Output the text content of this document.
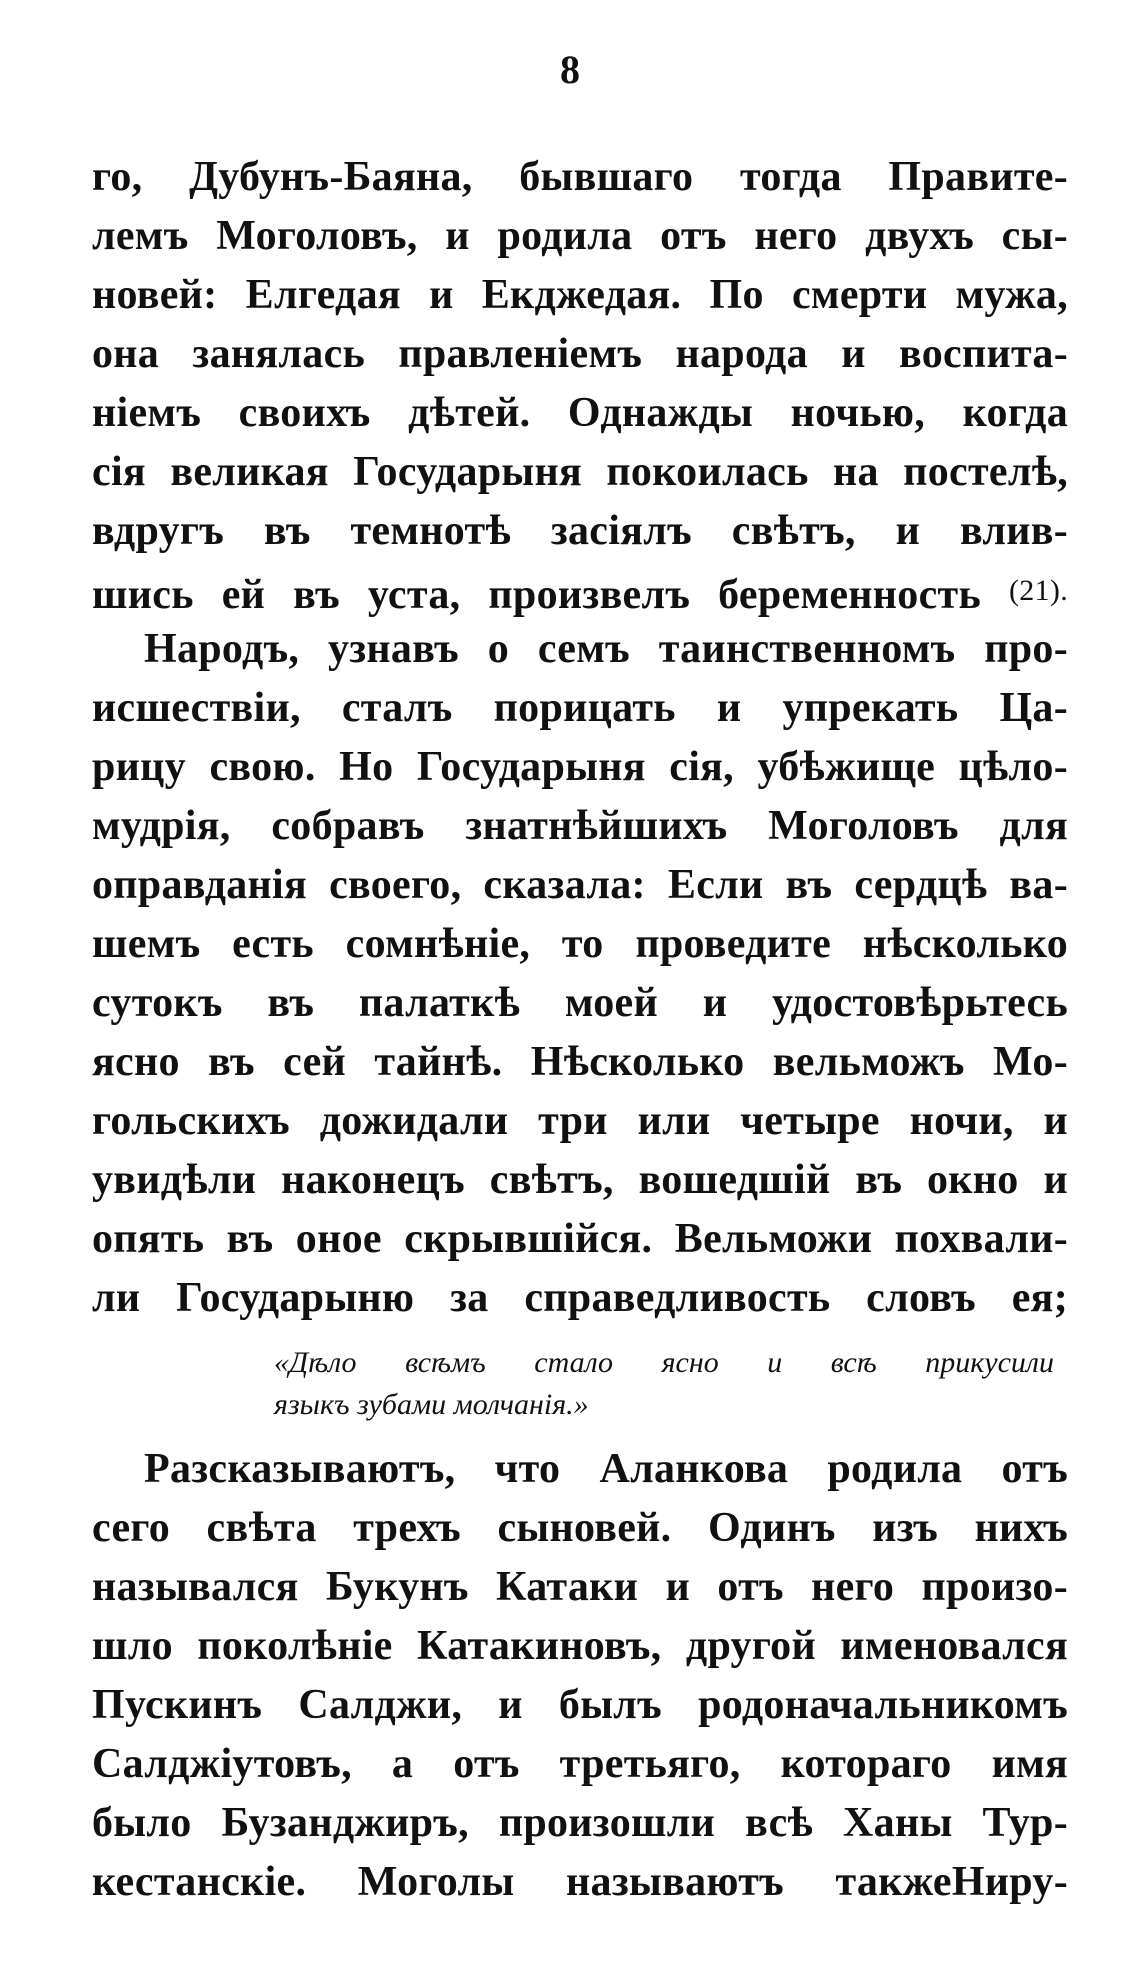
8
го, Дубунъ-Баяна, бывшаго тогда Правите-
лемъ Моголовъ, и родила отъ него двухъ сы-
новей: Елгедая и Екджедая. По смерти мужа,
она занялась правленіемъ народа и воспита-
ніемъ своихъ дѣтей. Однажды ночью, когда
сія великая Государыня покоилась на постелѣ,
вдругъ въ темнотѣ засіялъ свѣтъ, и влив-
шись ей въ уста, произвелъ беременность (21).
Народъ, узнавъ о семъ таинственномъ про-
исшествіи, сталъ порицать и упрекать Ца-
рицу свою. Но Государыня сія, убѣжище цѣло-
мудрія, собравъ знатнѣйшихъ Моголовъ для
оправданія своего, сказала: Если въ сердцѣ ва-
шемъ есть сомнѣніе, то проведите нѣсколько
сутокъ въ палаткѣ моей и удостовѣрьтесь
ясно въ сей тайнѣ. Нѣсколько вельможъ Мо-
гольскихъ дожидали три или четыре ночи, и
увидѣли наконецъ свѣтъ, вошедшій въ окно и
опять въ оное скрывшійся. Вельможи похвали-
ли Государыню за справедливость словъ ея;
«Дѣло всѣмъ стало ясно и всѣ прикусили
языкъ зубами молчанія.»
Разсказываютъ, что Аланкова родила отъ
сего свѣта трехъ сыновей. Одинъ изъ нихъ
назывался Букунъ Катаки и отъ него произо-
шло поколѣніе Катакиновъ, другой именовался
Пускинъ Салджи, и былъ родоначальникомъ
Салджіутовъ, а отъ третьяго, котораго имя
было Бузанджиръ, произошли всѣ Ханы Тур-
кестанскіе. Моголы называютъ такжеНиру-
